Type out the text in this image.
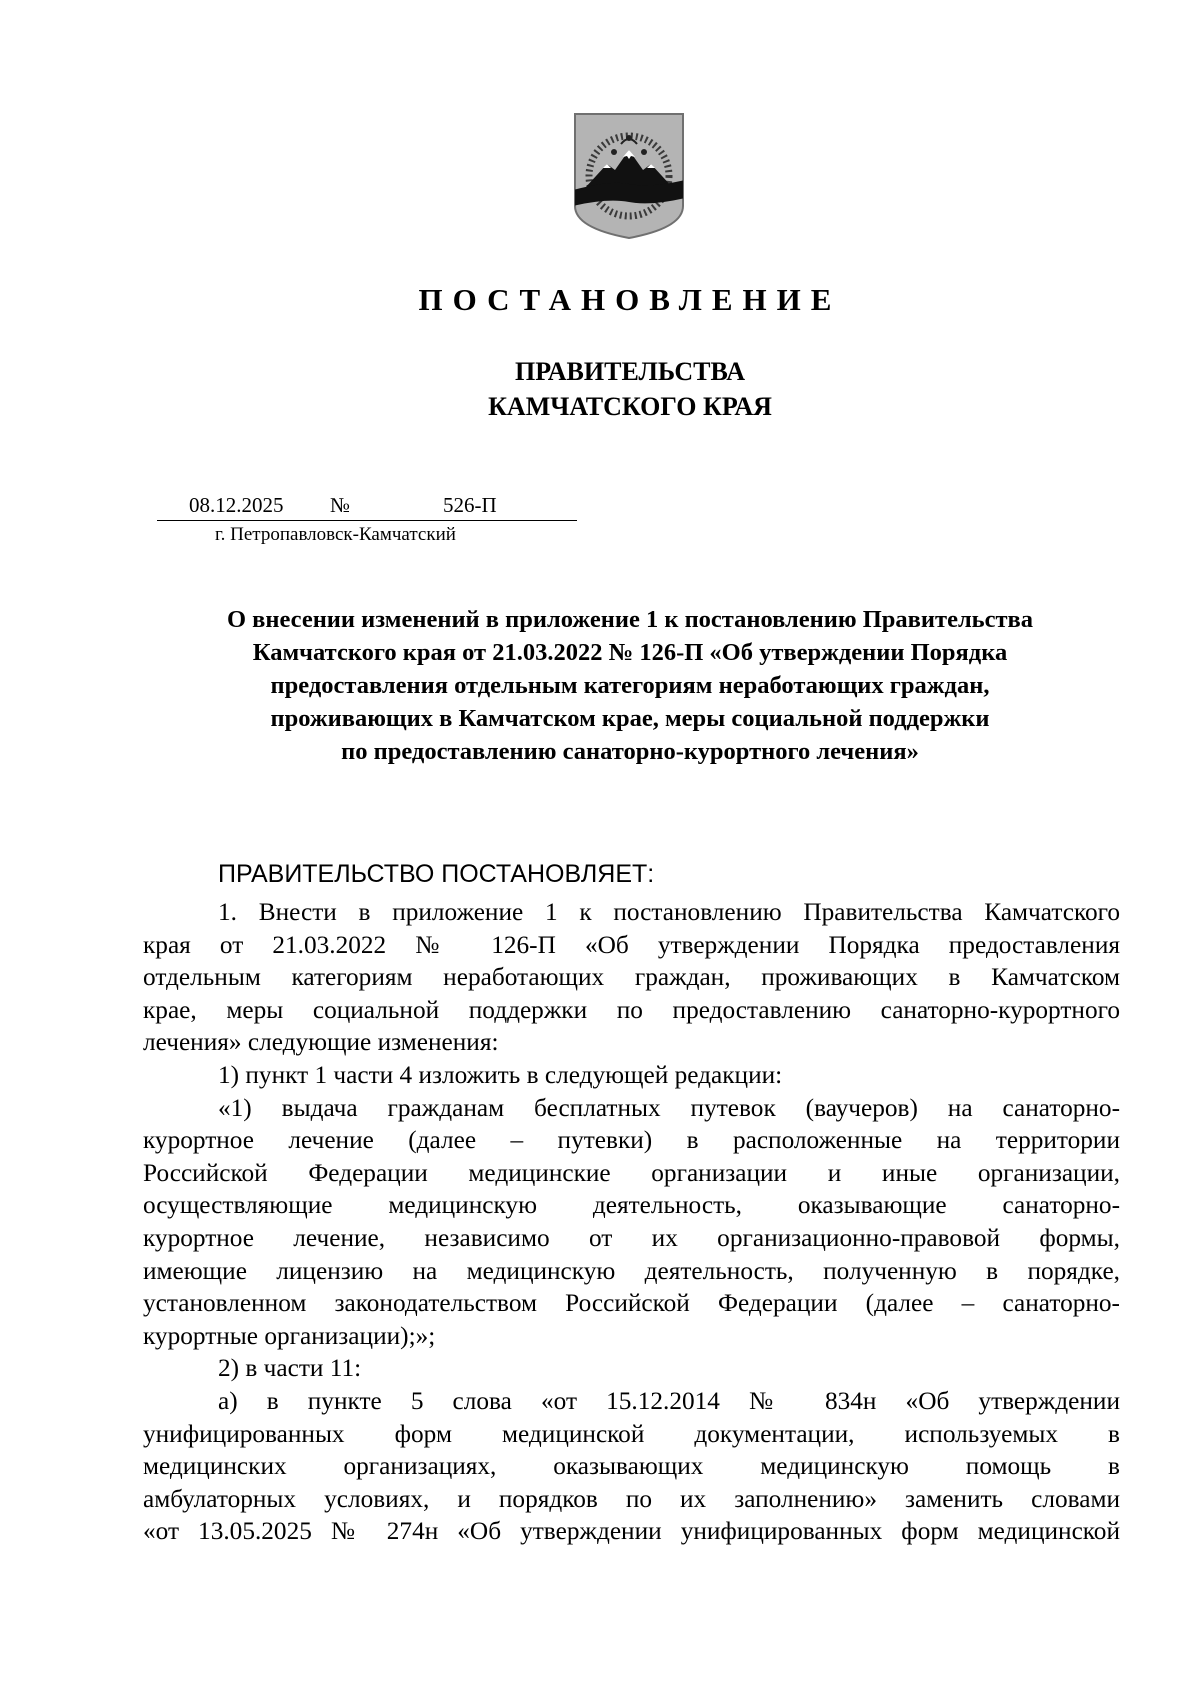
ПОСТАНОВЛЕНИЕ
ПРАВИТЕЛЬСТВА
КАМЧАТСКОГО КРАЯ
08.12.2025 №	526-П
г. Петропавловск-Камчатский
О внесении изменений в приложение 1 к постановлению Правительства
Камчатского края от 21.03.2022 № 126-П «Об утверждении Порядка
предоставления отдельным категориям неработающих граждан,
проживающих в Камчатском крае, меры социальной поддержки
по предоставлению санаторно-курортного лечения»
ПРАВИТЕЛЬСТВО ПОСТАНОВЛЯЕТ:
1. Внести в приложение 1 к постановлению Правительства Камчатского
края от 21.03.2022 № 126-П «Об утверждении Порядка предоставления
отдельным категориям неработающих граждан, проживающих в Камчатском
крае, меры социальной поддержки по предоставлению санаторно-курортного
лечения» следующие изменения:
1) пункт 1 части 4 изложить в следующей редакции:
«1) выдача гражданам бесплатных путевок (ваучеров) на санаторно-
курортное лечение (далее – путевки) в расположенные на территории
Российской Федерации медицинские организации и иные организации,
осуществляющие медицинскую деятельность, оказывающие санаторно-
курортное лечение, независимо от их организационно-правовой формы,
имеющие лицензию на медицинскую деятельность, полученную в порядке,
установленном законодательством Российской Федерации (далее – санаторно-
курортные организации);»;
2) в части 11:
а) в пункте 5 слова «от 15.12.2014 № 834н «Об утверждении
унифицированных форм медицинской документации, используемых в
медицинских организациях, оказывающих медицинскую помощь в
амбулаторных условиях, и порядков по их заполнению» заменить словами
«от 13.05.2025 № 274н «Об утверждении унифицированных форм медицинской
